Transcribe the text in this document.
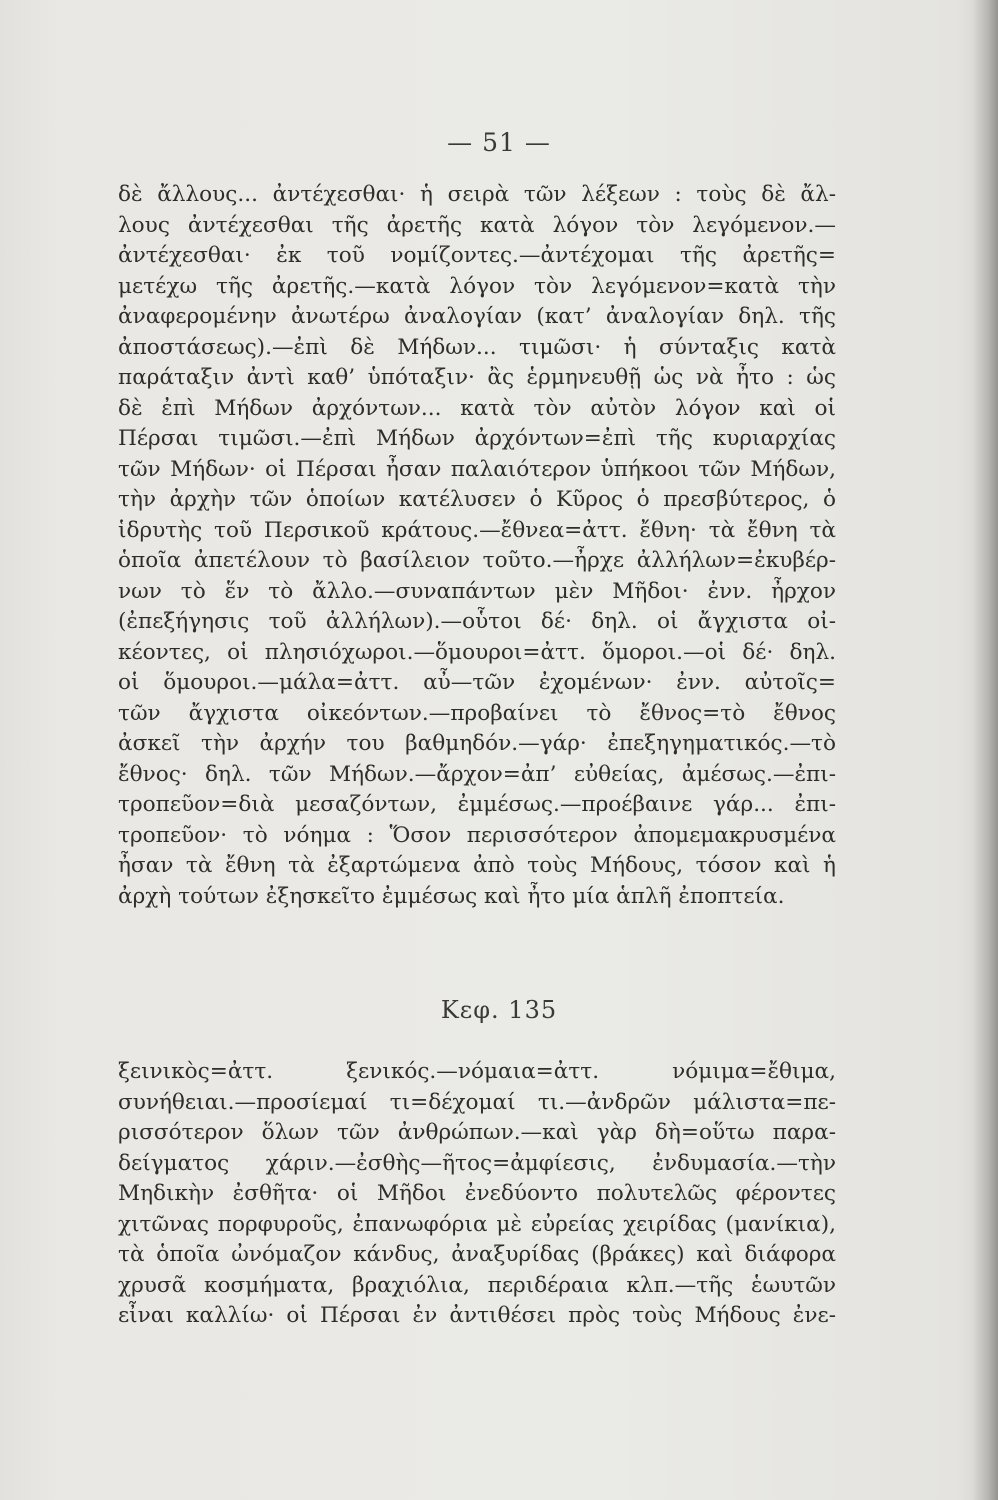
— 51 —
δὲ ἄλλους... ἀντέχεσθαι· ἡ σειρὰ τῶν λέξεων : τοὺς δὲ ἄλ-
λους ἀντέχεσθαι τῆς ἀρετῆς κατὰ λόγον τὸν λεγόμενον.—
ἀντέχεσθαι· ἐκ τοῦ νομίζοντες.—ἀντέχομαι τῆς ἀρετῆς=
μετέχω τῆς ἀρετῆς.—κατὰ λόγον τὸν λεγόμενον=κατὰ τὴν
ἀναφερομένην ἀνωτέρω ἀναλογίαν (κατ’ ἀναλογίαν δηλ. τῆς
ἀποστάσεως).—ἐπὶ δὲ Μήδων... τιμῶσι· ἡ σύνταξις κατὰ
παράταξιν ἀντὶ καθ’ ὑπόταξιν· ἂς ἑρμηνευθῇ ὡς νὰ ἦτο : ὡς
δὲ ἐπὶ Μήδων ἀρχόντων... κατὰ τὸν αὐτὸν λόγον καὶ οἱ
Πέρσαι τιμῶσι.—ἐπὶ Μήδων ἀρχόντων=ἐπὶ τῆς κυριαρχίας
τῶν Μήδων· οἱ Πέρσαι ἦσαν παλαιότερον ὑπήκοοι τῶν Μήδων,
τὴν ἀρχὴν τῶν ὁποίων κατέλυσεν ὁ Κῦρος ὁ πρεσβύτερος, ὁ
ἱδρυτὴς τοῦ Περσικοῦ κράτους.—ἔθνεα=ἀττ. ἔθνη· τὰ ἔθνη τὰ
ὁποῖα ἀπετέλουν τὸ βασίλειον τοῦτο.—ἦρχε ἀλλήλων=ἐκυβέρ-
νων τὸ ἕν τὸ ἄλλο.—συναπάντων μὲν Μῆδοι· ἐνν. ἦρχον
(ἐπεξήγησις τοῦ ἀλλήλων).—οὗτοι δέ· δηλ. οἱ ἄγχιστα οἰ-
κέοντες, οἱ πλησιόχωροι.—ὅμουροι=ἀττ. ὅμοροι.—οἱ δέ· δηλ.
οἱ ὅμουροι.—μάλα=ἀττ. αὖ—τῶν ἐχομένων· ἐνν. αὐτοῖς=
τῶν ἄγχιστα οἰκεόντων.—προβαίνει τὸ ἔθνος=τὸ ἔθνος
ἀσκεῖ τὴν ἀρχήν του βαθμηδόν.—γάρ· ἐπεξηγηματικός.—τὸ
ἔθνος· δηλ. τῶν Μήδων.—ἄρχον=ἀπ’ εὐθείας, ἀμέσως.—ἐπι-
τροπεῦον=διὰ μεσαζόντων, ἐμμέσως.—προέβαινε γάρ... ἐπι-
τροπεῦον· τὸ νόημα : Ὅσον περισσότερον ἀπομεμακρυσμένα
ἦσαν τὰ ἔθνη τὰ ἐξαρτώμενα ἀπὸ τοὺς Μήδους, τόσον καὶ ἡ
ἀρχὴ τούτων ἐξησκεῖτο ἐμμέσως καὶ ἦτο μία ἁπλῆ ἐποπτεία.
Κεφ. 135
ξεινικὸς=ἀττ. ξενικός.—νόμαια=ἀττ. νόμιμα=ἔθιμα,
συνήθειαι.—προσίεμαί τι=δέχομαί τι.—ἀνδρῶν μάλιστα=πε-
ρισσότερον ὅλων τῶν ἀνθρώπων.—καὶ γὰρ δὴ=οὕτω παρα-
δείγματος χάριν.—ἐσθὴς—ῆτος=ἀμφίεσις, ἐνδυμασία.—τὴν
Μηδικὴν ἐσθῆτα· οἱ Μῆδοι ἐνεδύοντο πολυτελῶς φέροντες
χιτῶνας πορφυροῦς, ἐπανωφόρια μὲ εὐρείας χειρίδας (μανίκια),
τὰ ὁποῖα ὠνόμαζον κάνδυς, ἀναξυρίδας (βράκες) καὶ διάφορα
χρυσᾶ κοσμήματα, βραχιόλια, περιδέραια κλπ.—τῆς ἑωυτῶν
εἶναι καλλίω· οἱ Πέρσαι ἐν ἀντιθέσει πρὸς τοὺς Μήδους ἐνε-
